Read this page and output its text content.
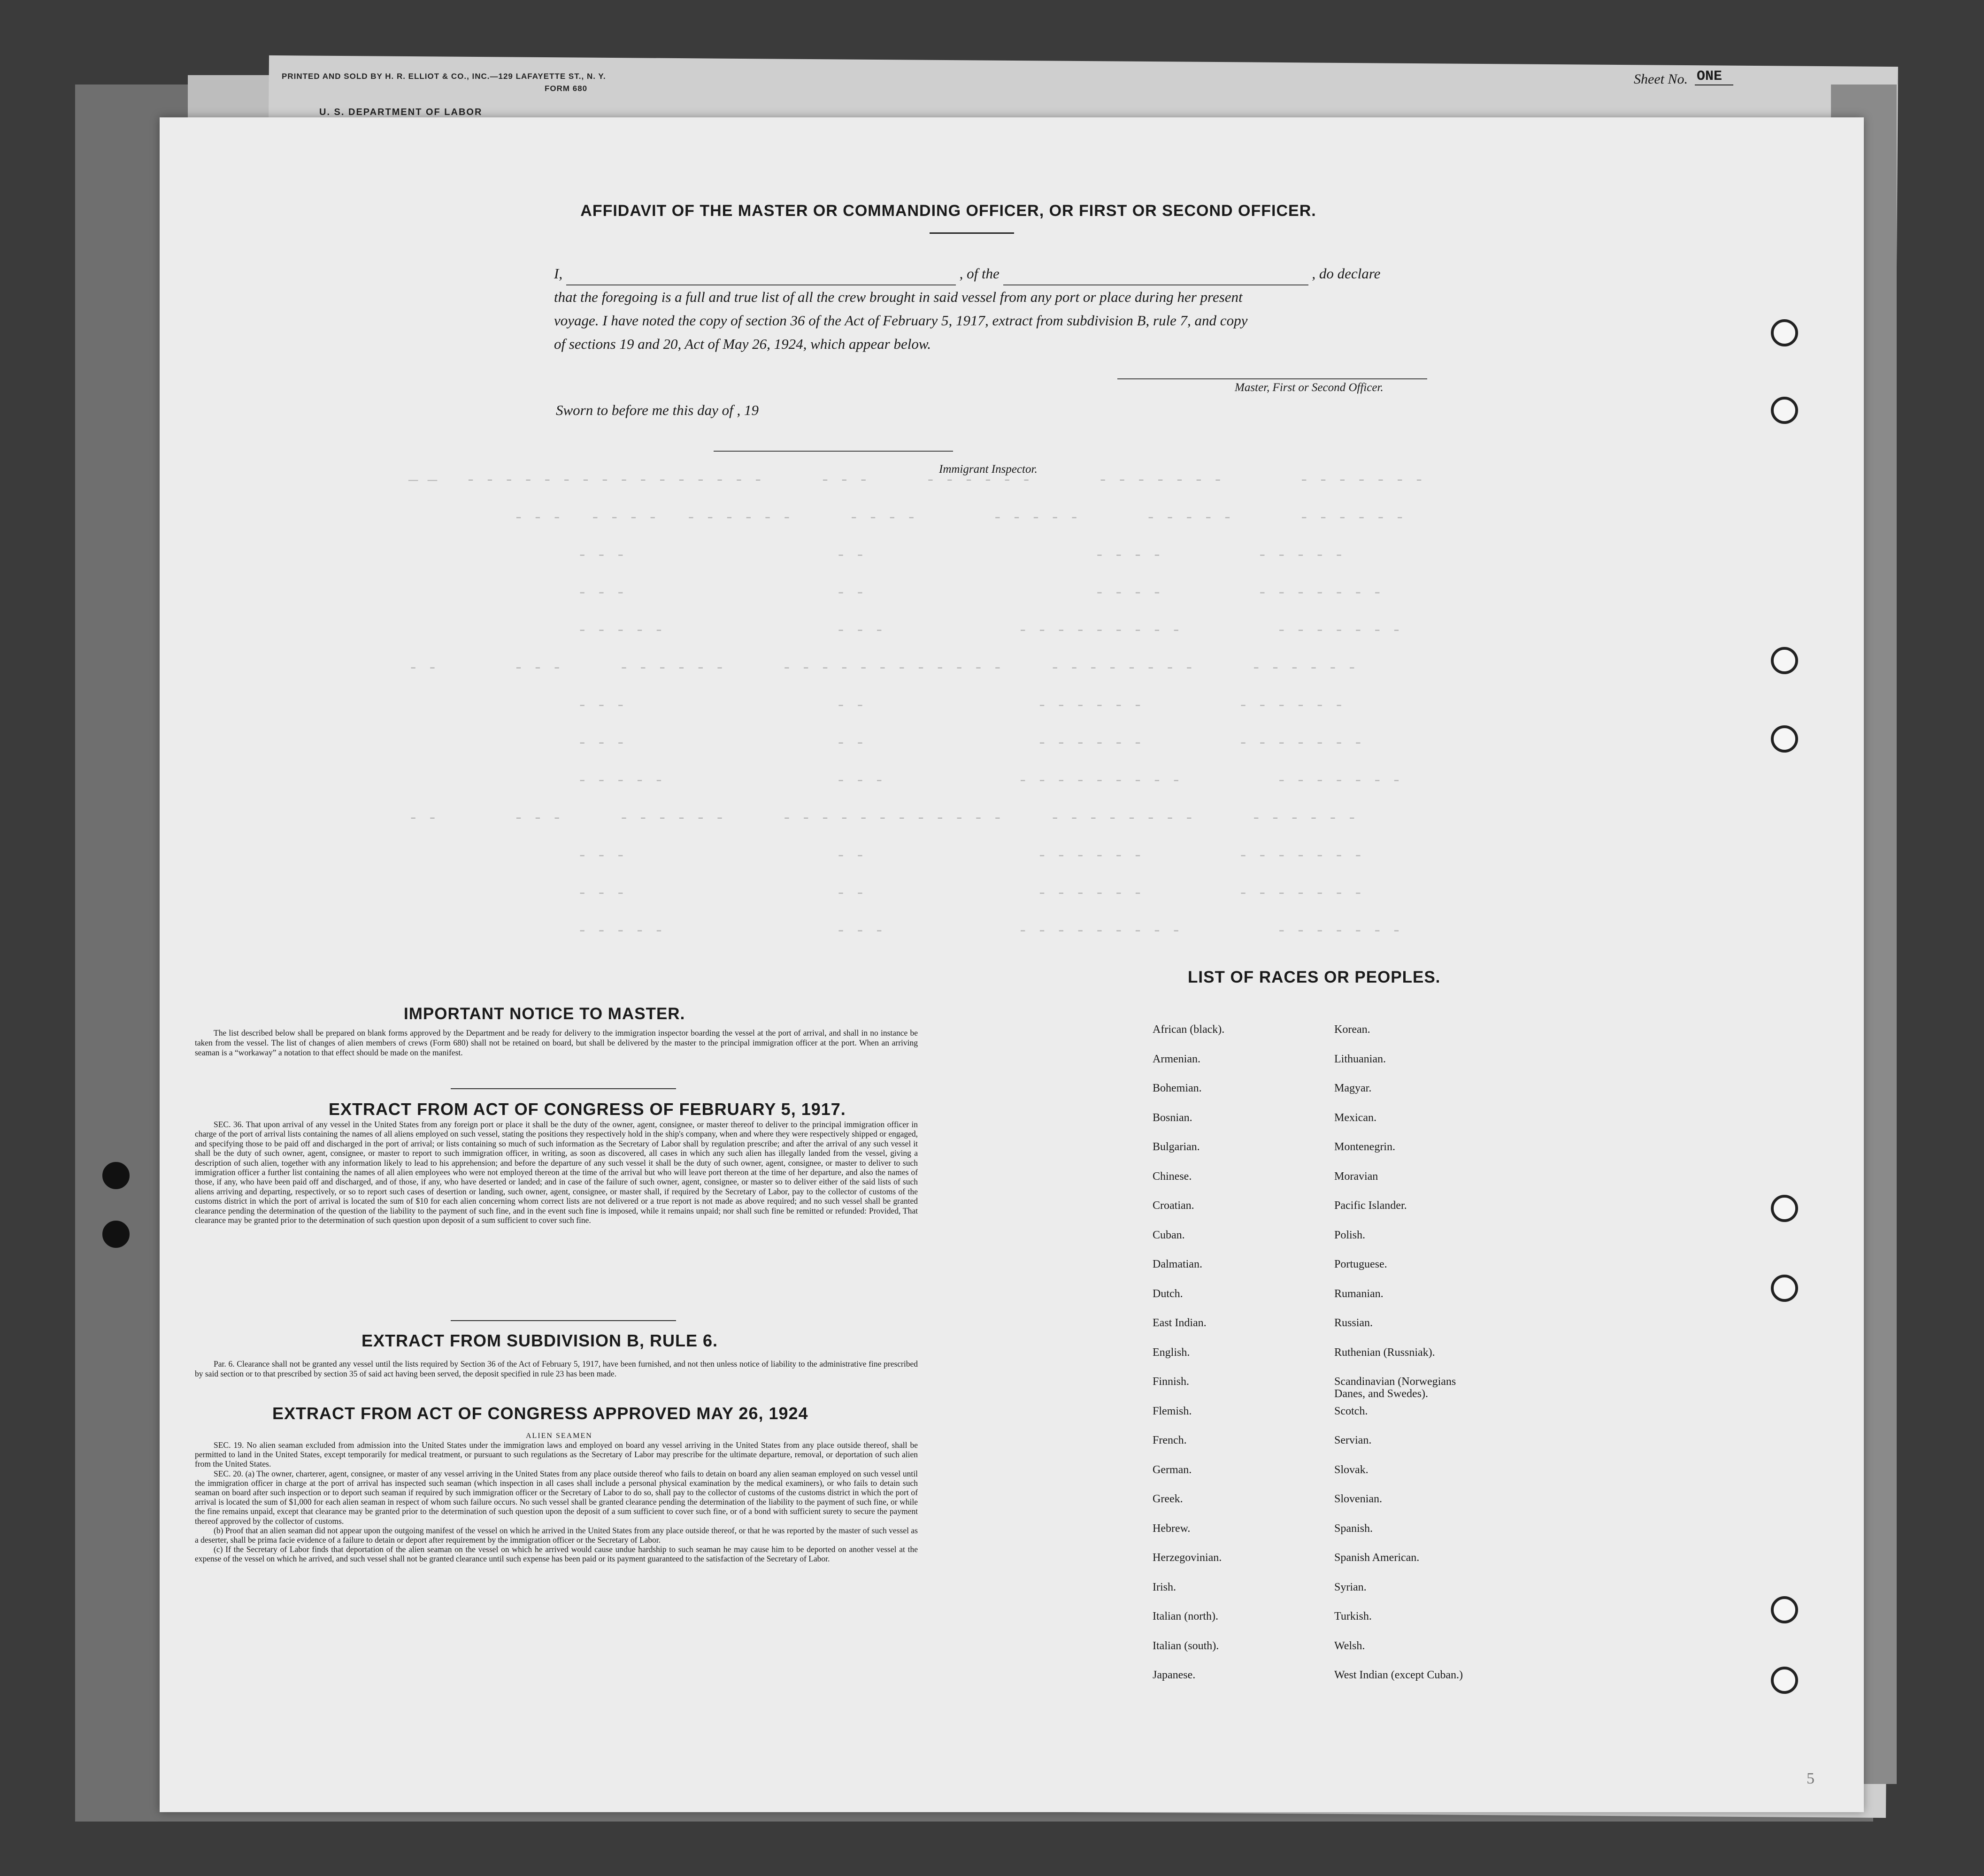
PRINTED AND SOLD BY H. R. ELLIOT & CO., INC.—129 LAFAYETTE ST., N. Y.
FORM 680
U. S. DEPARTMENT OF LABOR
Sheet No. ONE
— —   - - - - - - - - - - - - - - - -      - - -      - - - - - -       - - - - - - -        - - - - - - -
- - -   - - - -   - - - - - -      - - - -        - - - - -       - - - - -       - - - - - -
- - -                      - -                        - - - -          - - - - -
- - -                      - -                        - - - -          - - - - - - -
- - - - -                  - - -              - - - - - - - - -          - - - - - - -
- -        - - -      - - - - - -      - - - - - - - - - - - -     - - - - - - - -      - - - - - -
- - -                      - -                  - - - - - -          - - - - - -
- - -                      - -                  - - - - - -          - - - - - - -
- - - - -                  - - -              - - - - - - - - -          - - - - - - -
- -        - - -      - - - - - -      - - - - - - - - - - - -     - - - - - - - -      - - - - - -
- - -                      - -                  - - - - - -          - - - - - - -
- - -                      - -                  - - - - - -          - - - - - - -
- - - - -                  - - -              - - - - - - - - -          - - - - - - -
AFFIDAVIT OF THE MASTER OR COMMANDING OFFICER, OR FIRST OR SECOND OFFICER.
I,	, of the	, do declare
that the foregoing is a full and true list of all the crew brought in said vessel from any port or place during her present
voyage. I have noted the copy of section 36 of the Act of February 5, 1917, extract from subdivision B, rule 7, and copy
of sections 19 and 20, Act of May 26, 1924, which appear below.
Master, First or Second Officer.
Sworn to before me this day of , 19
Immigrant Inspector.
IMPORTANT NOTICE TO MASTER.

The list described below shall be prepared on blank forms approved by the Department and be ready for delivery to the immigration inspector boarding the vessel at the port of arrival, and shall in no instance be taken from the vessel. The list of changes of alien members of crews (Form 680) shall not be retained on board, but shall be delivered by the master to the principal immigration officer at the port. When an arriving seaman is a “workaway” a notation to that effect should be made on the manifest.

EXTRACT FROM ACT OF CONGRESS OF FEBRUARY 5, 1917.

SEC. 36. That upon arrival of any vessel in the United States from any foreign port or place it shall be the duty of the owner, agent, consignee, or master thereof to deliver to the principal immigration officer in charge of the port of arrival lists containing the names of all aliens employed on such vessel, stating the positions they respectively hold in the ship's company, when and where they were respectively shipped or engaged, and specifying those to be paid off and discharged in the port of arrival; or lists containing so much of such information as the Secretary of Labor shall by regulation prescribe; and after the arrival of any such vessel it shall be the duty of such owner, agent, consignee, or master to report to such immigration officer, in writing, as soon as discovered, all cases in which any such alien has illegally landed from the vessel, giving a description of such alien, together with any information likely to lead to his apprehension; and before the departure of any such vessel it shall be the duty of such owner, agent, consignee, or master to deliver to such immigration officer a further list containing the names of all alien employees who were not employed thereon at the time of the arrival but who will leave port thereon at the time of her departure, and also the names of those, if any, who have been paid off and discharged, and of those, if any, who have deserted or landed; and in case of the failure of such owner, agent, consignee, or master so to deliver either of the said lists of such aliens arriving and departing, respectively, or so to report such cases of desertion or landing, such owner, agent, consignee, or master shall, if required by the Secretary of Labor, pay to the collector of customs of the customs district in which the port of arrival is located the sum of $10 for each alien concerning whom correct lists are not delivered or a true report is not made as above required; and no such vessel shall be granted clearance pending the determination of the question of the liability to the payment of such fine, and in the event such fine is imposed, while it remains unpaid; nor shall such fine be remitted or refunded: Provided, That clearance may be granted prior to the determination of such question upon deposit of a sum sufficient to cover such fine.

EXTRACT FROM SUBDIVISION B, RULE 6.

Par. 6. Clearance shall not be granted any vessel until the lists required by Section 36 of the Act of February 5, 1917, have been furnished, and not then unless notice of liability to the administrative fine prescribed by said section or to that prescribed by section 35 of said act having been served, the deposit specified in rule 23 has been made.

EXTRACT FROM ACT OF CONGRESS APPROVED MAY 26, 1924
ALIEN SEAMEN

SEC. 19. No alien seaman excluded from admission into the United States under the immigration laws and employed on board any vessel arriving in the United States from any place outside thereof, shall be permitted to land in the United States, except temporarily for medical treatment, or pursuant to such regulations as the Secretary of Labor may prescribe for the ultimate departure, removal, or deportation of such alien from the United States.

SEC. 20. (a) The owner, charterer, agent, consignee, or master of any vessel arriving in the United States from any place outside thereof who fails to detain on board any alien seaman employed on such vessel until the immigration officer in charge at the port of arrival has inspected such seaman (which inspection in all cases shall include a personal physical examination by the medical examiners), or who fails to detain such seaman on board after such inspection or to deport such seaman if required by such immigration officer or the Secretary of Labor to do so, shall pay to the collector of customs of the customs district in which the port of arrival is located the sum of $1,000 for each alien seaman in respect of whom such failure occurs. No such vessel shall be granted clearance pending the determination of the liability to the payment of such fine, or while the fine remains unpaid, except that clearance may be granted prior to the determination of such question upon the deposit of a sum sufficient to cover such fine, or of a bond with sufficient surety to secure the payment thereof approved by the collector of customs.

(b) Proof that an alien seaman did not appear upon the outgoing manifest of the vessel on which he arrived in the United States from any place outside thereof, or that he was reported by the master of such vessel as a deserter, shall be prima facie evidence of a failure to detain or deport after requirement by the immigration officer or the Secretary of Labor.

(c) If the Secretary of Labor finds that deportation of the alien seaman on the vessel on which he arrived would cause undue hardship to such seaman he may cause him to be deported on another vessel at the expense of the vessel on which he arrived, and such vessel shall not be granted clearance until such expense has been paid or its payment guaranteed to the satisfaction of the Secretary of Labor.

LIST OF RACES OR PEOPLES.
African (black).
Armenian.
Bohemian.
Bosnian.
Bulgarian.
Chinese.
Croatian.
Cuban.
Dalmatian.
Dutch.
East Indian.
English.
Finnish.
Flemish.
French.
German.
Greek.
Hebrew.
Herzegovinian.
Irish.
Italian (north).
Italian (south).
Japanese.
Korean.
Lithuanian.
Magyar.
Mexican.
Montenegrin.
Moravian
Pacific Islander.
Polish.
Portuguese.
Rumanian.
Russian.
Ruthenian (Russniak).
Scandinavian (Norwegians
Danes, and Swedes).
Scotch.
Servian.
Slovak.
Slovenian.
Spanish.
Spanish American.
Syrian.
Turkish.
Welsh.
West Indian (except Cuban.)
5
